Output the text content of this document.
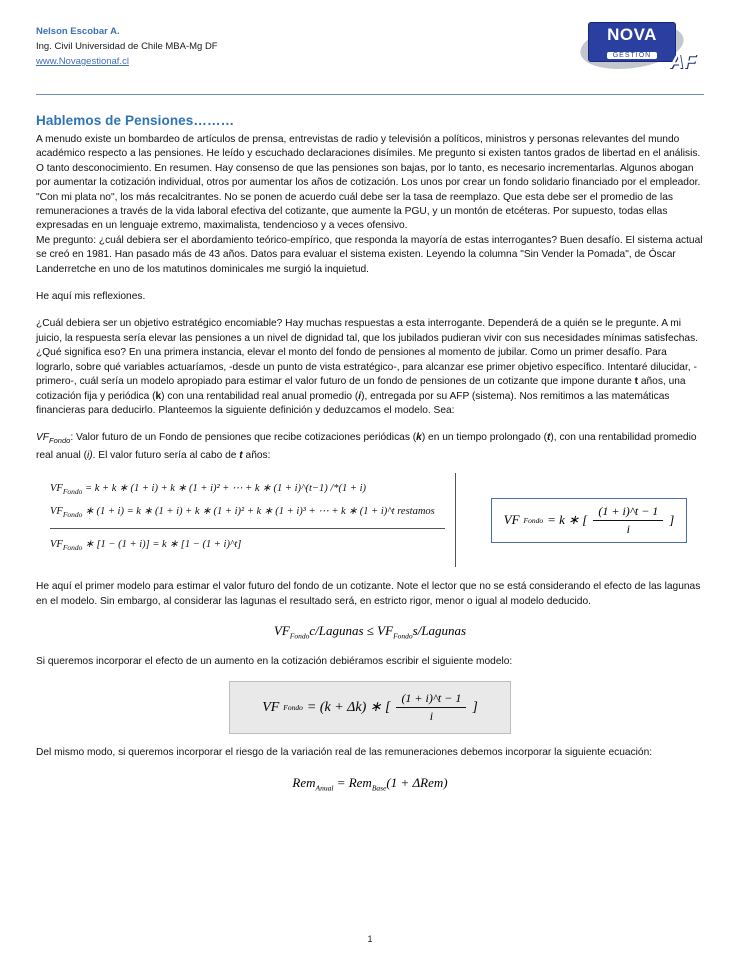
Nelson Escobar A.
Ing. Civil Universidad de Chile MBA-Mg DF
www.Novagestionaf.cl
NOVA
GESTIÓN AF
Hablemos de Pensiones………

A menudo existe un bombardeo de artículos de prensa, entrevistas de radio y televisión a políticos, ministros y personas relevantes del mundo académico respecto a las pensiones. He leído y escuchado declaraciones disímiles. Me pregunto si existen tantos grados de libertad en el análisis. O tanto desconocimiento. En resumen. Hay consenso de que las pensiones son bajas, por lo tanto, es necesario incrementarlas. Algunos abogan por aumentar la cotización individual, otros por aumentar los años de cotización. Los unos por crear un fondo solidario financiado por el empleador. "Con mi plata no", los más recalcitrantes. No se ponen de acuerdo cuál debe ser la tasa de reemplazo. Que esta debe ser el promedio de las remuneraciones a través de la vida laboral efectiva del cotizante, que aumente la PGU, y un montón de etcéteras. Por supuesto, todas ellas expresadas en un lenguaje extremo, maximalista, tendencioso y a veces ofensivo.

Me pregunto: ¿cuál debiera ser el abordamiento teórico-empírico, que responda la mayoría de estas interrogantes? Buen desafío. El sistema actual se creó en 1981. Han pasado más de 43 años. Datos para evaluar el sistema existen. Leyendo la columna "Sin Vender la Pomada", de Óscar Landerretche en uno de los matutinos dominicales me surgió la inquietud.

He aquí mis reflexiones.

¿Cuál debiera ser un objetivo estratégico encomiable? Hay muchas respuestas a esta interrogante. Dependerá de a quién se le pregunte. A mi juicio, la respuesta sería elevar las pensiones a un nivel de dignidad tal, que los jubilados pudieran vivir con sus necesidades mínimas satisfechas. ¿Qué significa eso? En una primera instancia, elevar el monto del fondo de pensiones al momento de jubilar. Como un primer desafío. Para lograrlo, sobre qué variables actuaríamos, -desde un punto de vista estratégico-, para alcanzar ese primer objetivo específico. Intentaré dilucidar, -primero-, cuál sería un modelo apropiado para estimar el valor futuro de un fondo de pensiones de un cotizante que impone durante t años, una cotización fija y periódica (k) con una rentabilidad real anual promedio (i), entregada por su AFP (sistema). Nos remitimos a las matemáticas financieras para deducirlo. Planteemos la siguiente definición y deduzcamos el modelo. Sea:

$VF_{Fondo}$: Valor futuro de un Fondo de pensiones que recibe cotizaciones periódicas (k) en un tiempo prolongado (t), con una rentabilidad promedio real anual (i). El valor futuro sería al cabo de t años:

$VF_{Fondo} = k + k$ ∗ (1 + i) + k ∗ (1 + i)² + ⋯ + k ∗ (1 + i)^(t−1) /*(1 + i)
$VF_{Fondo}$ ∗ (1 + i) = k ∗ (1 + i) + k ∗ (1 + i)² + k ∗ (1 + i)³ + ⋯ + k ∗ (1 + i)^t restamos
$VF_{Fondo}$ ∗ [1 − (1 + i)] = k ∗ [1 − (1 + i)^t]
VF Fondo = k ∗ [ $\frac{(1 + i)\^{}t - 1}{i}$ ]

He aquí el primer modelo para estimar el valor futuro del fondo de un cotizante. Note el lector que no se está considerando el efecto de las lagunas en el modelo. Sin embargo, al considerar las lagunas el resultado será, en estricto rigor, menor o igual al modelo deducido.

$VF_{Fondo}c$/Lagunas ≤ $VF_{Fondo}s$/Lagunas

Si queremos incorporar el efecto de un aumento en la cotización debiéramos escribir el siguiente modelo:

VF Fondo = (k + Δk) ∗ [ $\frac{(1 + i)\^{}t - 1}{i}$ ]

Del mismo modo, si queremos incorporar el riesgo de la variación real de las remuneraciones debemos incorporar la siguiente ecuación:

Rem$_{Anual}$ = Rem$_{Base}$(1 + ΔRem)
1
